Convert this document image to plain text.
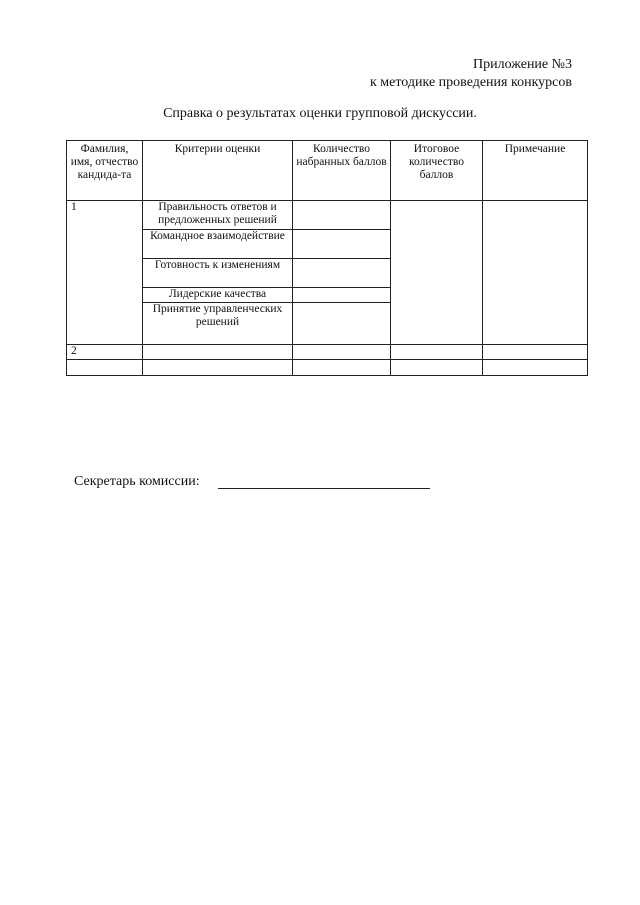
Приложение №3
к методике проведения конкурсов
Справка о результатах оценки групповой дискуссии.
Фамилия, имя, отчество кандида-та	Критерии оценки	Количество набранных баллов	Итоговое количество баллов	Примечание
1	Правильность ответов и предложенных решений			
	Командное взаимодействие			
	Готовность к изменениям			
	Лидерские качества			
	Принятие управленческих решений			
2				

Секретарь комиссии:
